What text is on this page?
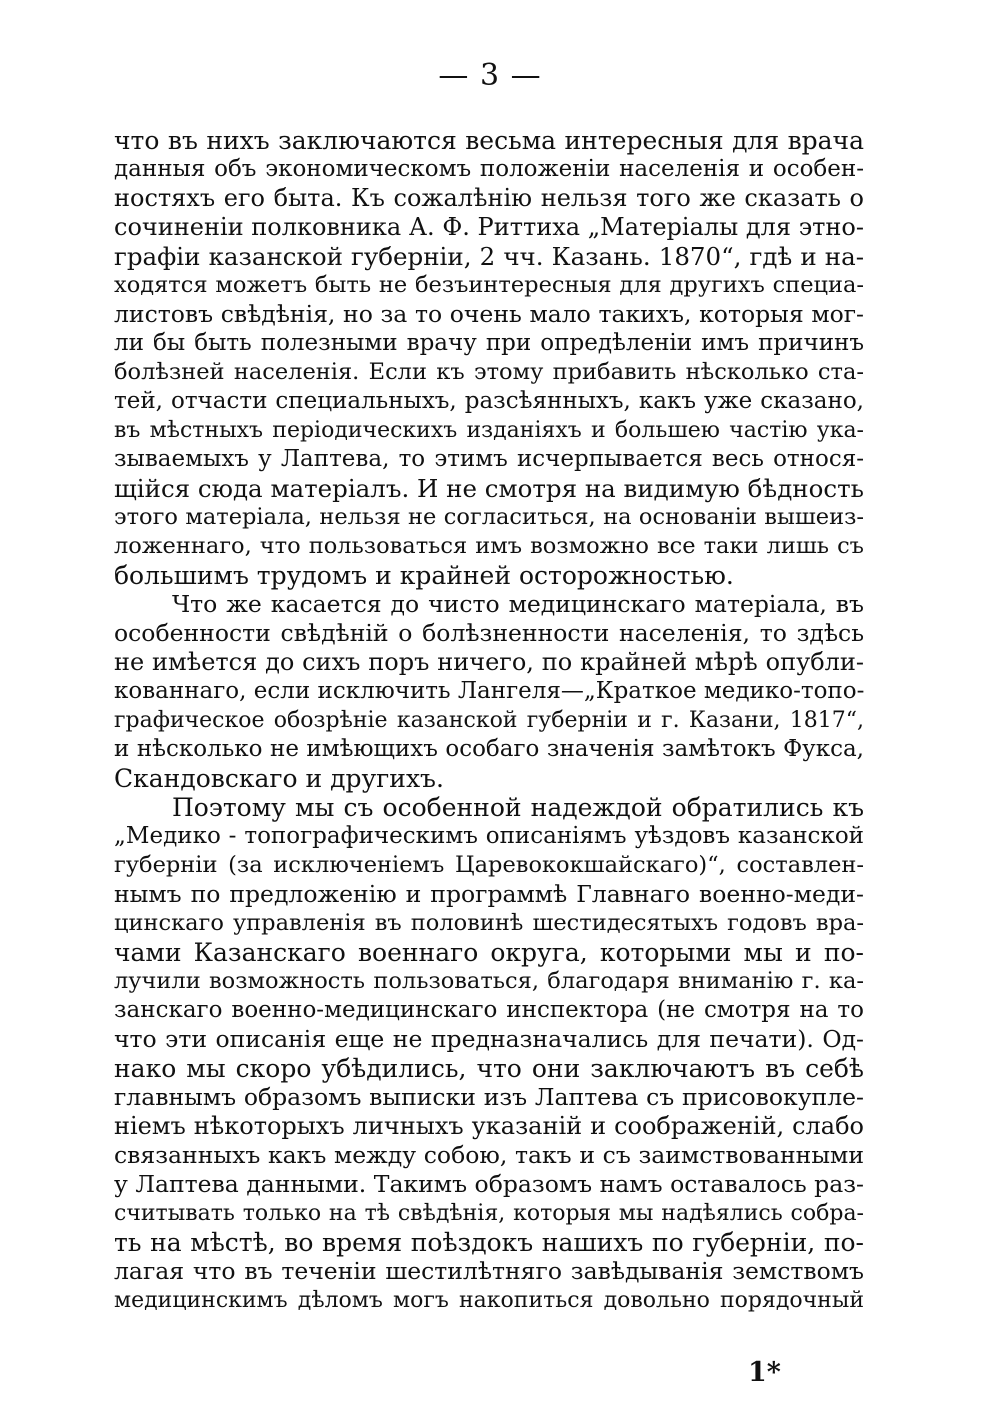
— 3 —
что въ нихъ заключаются весьма интересныя для врача
данныя объ экономическомъ положеніи населенія и особен-
ностяхъ его быта. Къ сожалѣнію нельзя того же сказать о
сочиненіи полковника А. Ф. Риттиха „Матеріалы для этно-
графіи казанской губерніи, 2 чч. Казань. 1870“, гдѣ и на-
ходятся можетъ быть не безъинтересныя для другихъ специа-
листовъ свѣдѣнія, но за то очень мало такихъ, которыя мог-
ли бы быть полезными врачу при опредѣленіи имъ причинъ
болѣзней населенія. Если къ этому прибавить нѣсколько ста-
тей, отчасти специальныхъ, разсѣянныхъ, какъ уже сказано,
въ мѣстныхъ періодическихъ изданіяхъ и большею частію ука-
зываемыхъ у Лаптева, то этимъ исчерпывается весь относя-
щійся сюда матеріалъ. И не смотря на видимую бѣдность
этого матеріала, нельзя не согласиться, на основаніи вышеиз-
ложеннаго, что пользоваться имъ возможно все таки лишь съ
большимъ трудомъ и крайней осторожностью.
Что же касается до чисто медицинскаго матеріала, въ
особенности свѣдѣній о болѣзненности населенія, то здѣсь
не имѣется до сихъ поръ ничего, по крайней мѣрѣ опубли-
кованнаго, если исключить Лангеля—„Краткое медико-топо-
графическое обозрѣніе казанской губерніи и г. Казани, 1817“,
и нѣсколько не имѣющихъ особаго значенія замѣтокъ Фукса,
Скандовскаго и другихъ.
Поэтому мы съ особенной надеждой обратились къ
„Медико - топографическимъ описаніямъ уѣздовъ казанской
губерніи (за исключеніемъ Царевококшайскаго)“, составлен-
нымъ по предложенію и программѣ Главнаго военно-меди-
цинскаго управленія въ половинѣ шестидесятыхъ годовъ вра-
чами Казанскаго военнаго округа, которыми мы и по-
лучили возможность пользоваться, благодаря вниманію г. ка-
занскаго военно-медицинскаго инспектора (не смотря на то
что эти описанія еще не предназначались для печати). Од-
нако мы скоро убѣдились, что они заключаютъ въ себѣ
главнымъ образомъ выписки изъ Лаптева съ присовокупле-
ніемъ нѣкоторыхъ личныхъ указаній и соображеній, слабо
связанныхъ какъ между собою, такъ и съ заимствованными
у Лаптева данными. Такимъ образомъ намъ оставалось раз-
считывать только на тѣ свѣдѣнія, которыя мы надѣялись собра-
ть на мѣстѣ, во время поѣздокъ нашихъ по губерніи, по-
лагая что въ теченіи шестилѣтняго завѣдыванія земствомъ
медицинскимъ дѣломъ могъ накопиться довольно порядочный
1*
